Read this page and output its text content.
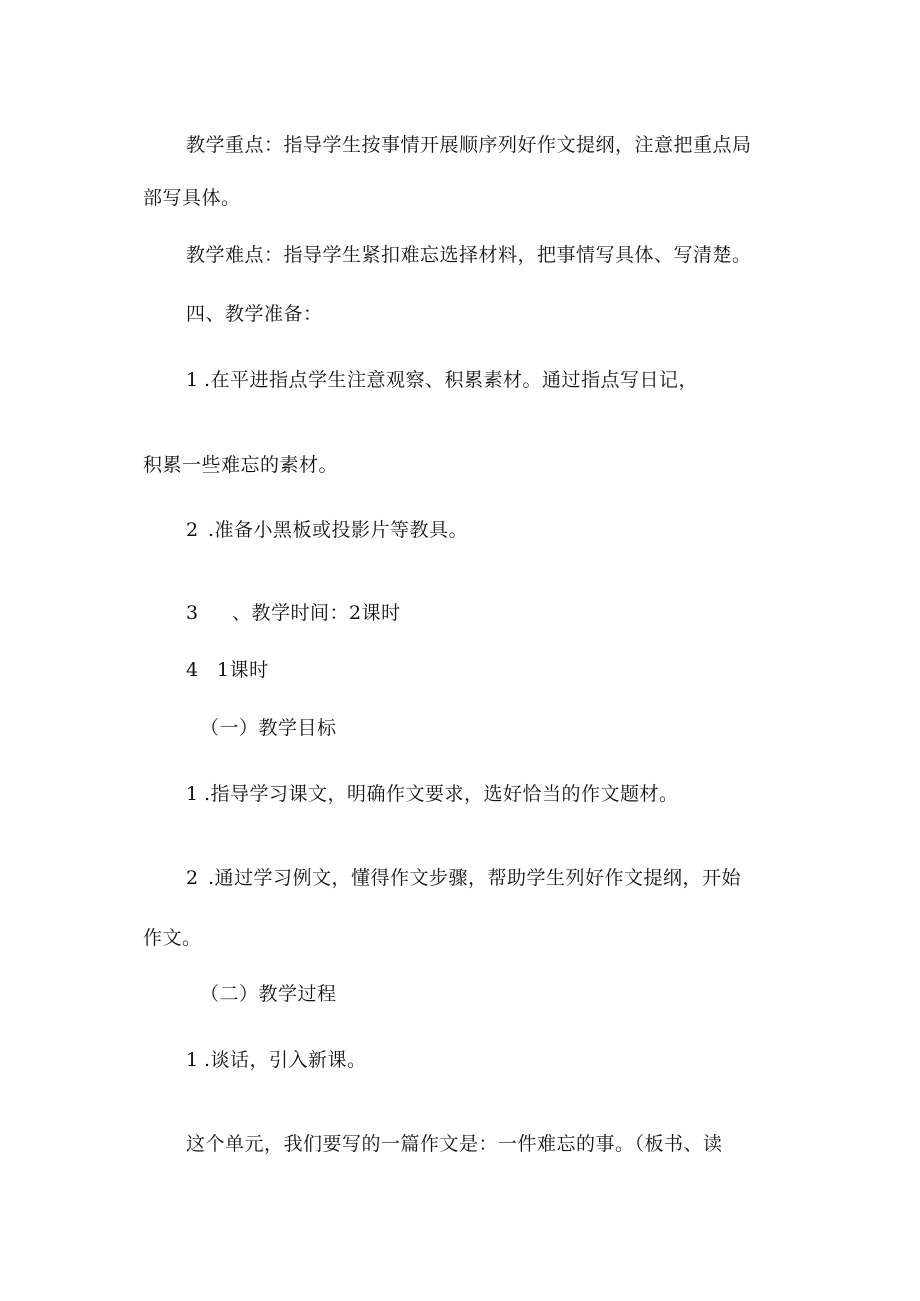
教学重点：指导学生按事情开展顺序列好作文提纲，注意把重点局
部写具体。
教学难点：指导学生紧扣难忘选择材料，把事情写具体、写清楚。
四、教学准备：
1 .在平进指点学生注意观察、积累素材。通过指点写日记，
积累一些难忘的素材。
2 .准备小黑板或投影片等教具。
3 、教学时间：2课时
4 1课时
（一）教学目标
1 .指导学习课文，明确作文要求，选好恰当的作文题材。
2 .通过学习例文，懂得作文步骤，帮助学生列好作文提纲，开始
作文。
（二）教学过程
1 .谈话，引入新课。
这个单元，我们要写的一篇作文是：一件难忘的事。（板书、读
